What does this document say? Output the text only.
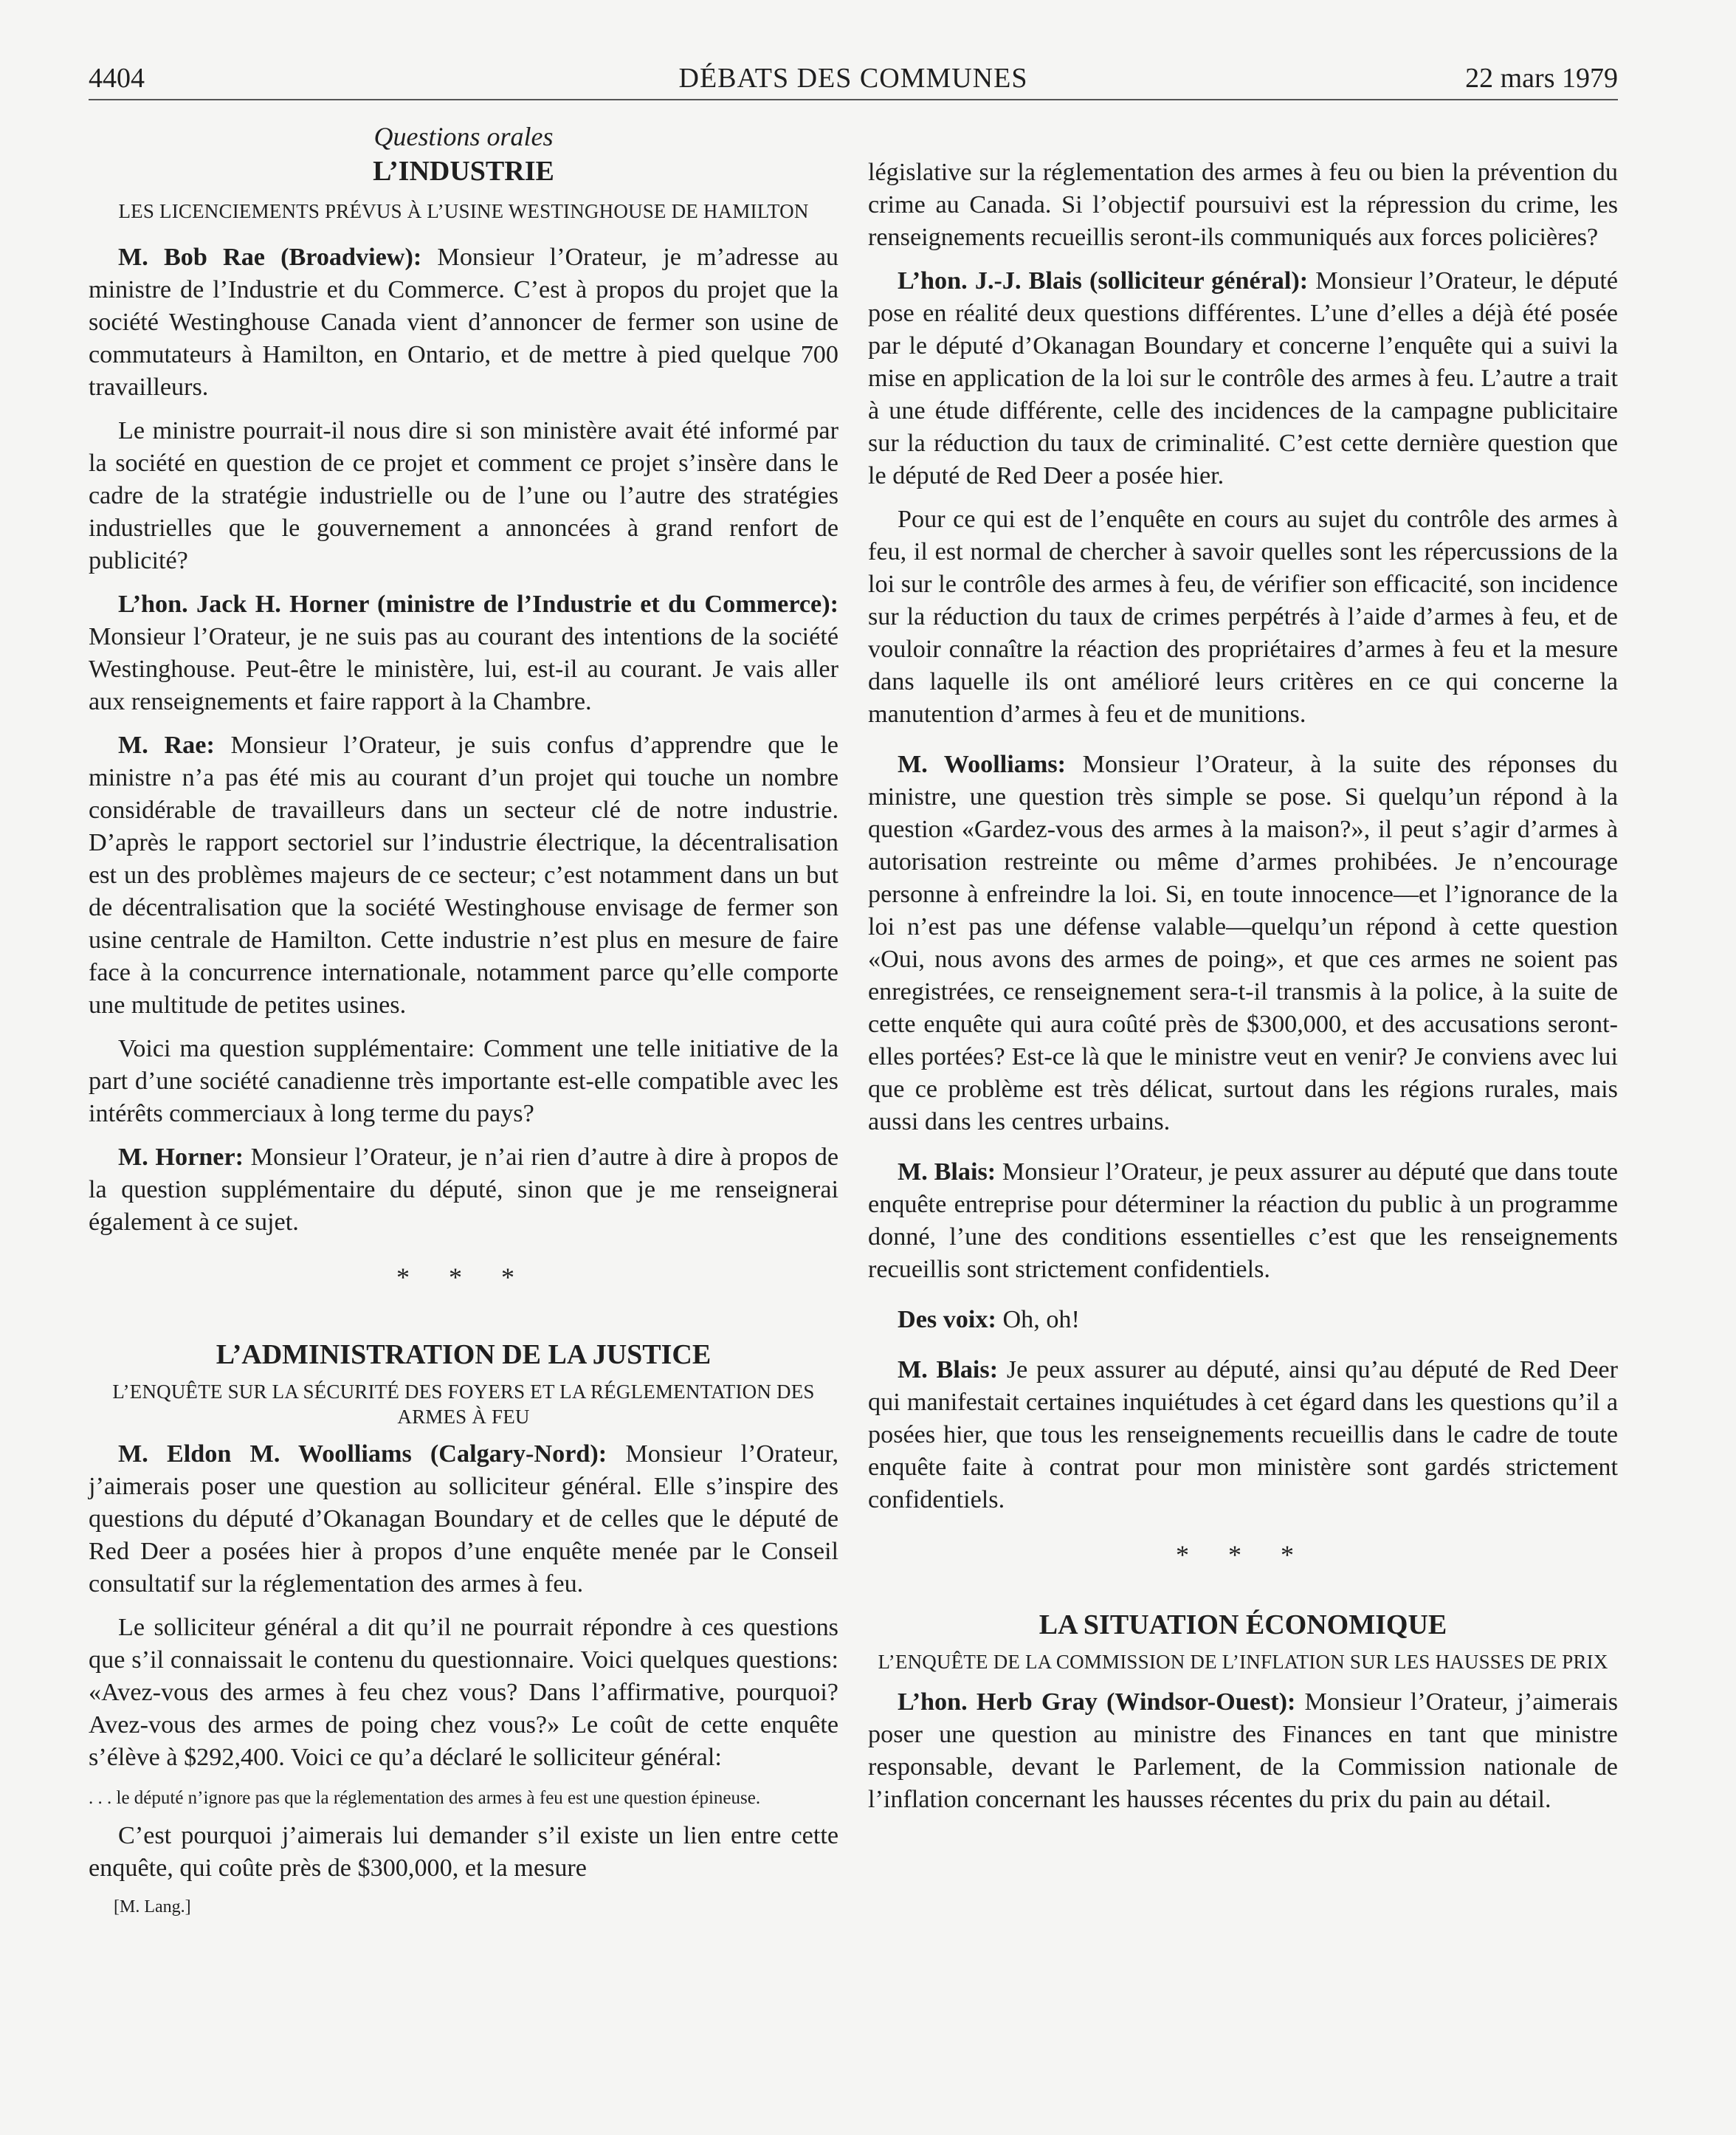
4404	DÉBATS DES COMMUNES	22 mars 1979
Questions orales
L’INDUSTRIE
LES LICENCIEMENTS PRÉVUS À L’USINE WESTINGHOUSE DE HAMILTON

M. Bob Rae (Broadview): Monsieur l’Orateur, je m’adresse au ministre de l’Industrie et du Commerce. C’est à propos du projet que la société Westinghouse Canada vient d’annoncer de fermer son usine de commutateurs à Hamilton, en Ontario, et de mettre à pied quelque 700 travailleurs.

Le ministre pourrait-il nous dire si son ministère avait été informé par la société en question de ce projet et comment ce projet s’insère dans le cadre de la stratégie industrielle ou de l’une ou l’autre des stratégies industrielles que le gouvernement a annoncées à grand renfort de publicité?

L’hon. Jack H. Horner (ministre de l’Industrie et du Commerce): Monsieur l’Orateur, je ne suis pas au courant des intentions de la société Westinghouse. Peut-être le ministère, lui, est-il au courant. Je vais aller aux renseignements et faire rapport à la Chambre.

M. Rae: Monsieur l’Orateur, je suis confus d’apprendre que le ministre n’a pas été mis au courant d’un projet qui touche un nombre considérable de travailleurs dans un secteur clé de notre industrie. D’après le rapport sectoriel sur l’industrie électrique, la décentralisation est un des problèmes majeurs de ce secteur; c’est notamment dans un but de décentralisation que la société Westinghouse envisage de fermer son usine centrale de Hamilton. Cette industrie n’est plus en mesure de faire face à la concurrence internationale, notamment parce qu’elle comporte une multitude de petites usines.

Voici ma question supplémentaire: Comment une telle initiative de la part d’une société canadienne très importante est-elle compatible avec les intérêts commerciaux à long terme du pays?

M. Horner: Monsieur l’Orateur, je n’ai rien d’autre à dire à propos de la question supplémentaire du député, sinon que je me renseignerai également à ce sujet.

* * *
L’ADMINISTRATION DE LA JUSTICE
L’ENQUÊTE SUR LA SÉCURITÉ DES FOYERS ET LA RÉGLEMENTATION DES ARMES À FEU

M. Eldon M. Woolliams (Calgary-Nord): Monsieur l’Orateur, j’aimerais poser une question au solliciteur général. Elle s’inspire des questions du député d’Okanagan Boundary et de celles que le député de Red Deer a posées hier à propos d’une enquête menée par le Conseil consultatif sur la réglementation des armes à feu.

Le solliciteur général a dit qu’il ne pourrait répondre à ces questions que s’il connaissait le contenu du questionnaire. Voici quelques questions: «Avez-vous des armes à feu chez vous? Dans l’affirmative, pourquoi? Avez-vous des armes de poing chez vous?» Le coût de cette enquête s’élève à $292,400. Voici ce qu’a déclaré le solliciteur général:

. . . le député n’ignore pas que la réglementation des armes à feu est une question épineuse.

C’est pourquoi j’aimerais lui demander s’il existe un lien entre cette enquête, qui coûte près de $300,000, et la mesure

[M. Lang.]

législative sur la réglementation des armes à feu ou bien la prévention du crime au Canada. Si l’objectif poursuivi est la répression du crime, les renseignements recueillis seront-ils communiqués aux forces policières?

L’hon. J.-J. Blais (solliciteur général): Monsieur l’Orateur, le député pose en réalité deux questions différentes. L’une d’elles a déjà été posée par le député d’Okanagan Boundary et concerne l’enquête qui a suivi la mise en application de la loi sur le contrôle des armes à feu. L’autre a trait à une étude différente, celle des incidences de la campagne publicitaire sur la réduction du taux de criminalité. C’est cette dernière question que le député de Red Deer a posée hier.

Pour ce qui est de l’enquête en cours au sujet du contrôle des armes à feu, il est normal de chercher à savoir quelles sont les répercussions de la loi sur le contrôle des armes à feu, de vérifier son efficacité, son incidence sur la réduction du taux de crimes perpétrés à l’aide d’armes à feu, et de vouloir connaître la réaction des propriétaires d’armes à feu et la mesure dans laquelle ils ont amélioré leurs critères en ce qui concerne la manutention d’armes à feu et de munitions.

M. Woolliams: Monsieur l’Orateur, à la suite des réponses du ministre, une question très simple se pose. Si quelqu’un répond à la question «Gardez-vous des armes à la maison?», il peut s’agir d’armes à autorisation restreinte ou même d’armes prohibées. Je n’encourage personne à enfreindre la loi. Si, en toute innocence—et l’ignorance de la loi n’est pas une défense valable—quelqu’un répond à cette question «Oui, nous avons des armes de poing», et que ces armes ne soient pas enregistrées, ce renseignement sera-t-il transmis à la police, à la suite de cette enquête qui aura coûté près de $300,000, et des accusations seront-elles portées? Est-ce là que le ministre veut en venir? Je conviens avec lui que ce problème est très délicat, surtout dans les régions rurales, mais aussi dans les centres urbains.

M. Blais: Monsieur l’Orateur, je peux assurer au député que dans toute enquête entreprise pour déterminer la réaction du public à un programme donné, l’une des conditions essentielles c’est que les renseignements recueillis sont strictement confidentiels.

Des voix: Oh, oh!

M. Blais: Je peux assurer au député, ainsi qu’au député de Red Deer qui manifestait certaines inquiétudes à cet égard dans les questions qu’il a posées hier, que tous les renseignements recueillis dans le cadre de toute enquête faite à contrat pour mon ministère sont gardés strictement confidentiels.

* * *
LA SITUATION ÉCONOMIQUE
L’ENQUÊTE DE LA COMMISSION DE L’INFLATION SUR LES HAUSSES DE PRIX

L’hon. Herb Gray (Windsor-Ouest): Monsieur l’Orateur, j’aimerais poser une question au ministre des Finances en tant que ministre responsable, devant le Parlement, de la Commission nationale de l’inflation concernant les hausses récentes du prix du pain au détail.
